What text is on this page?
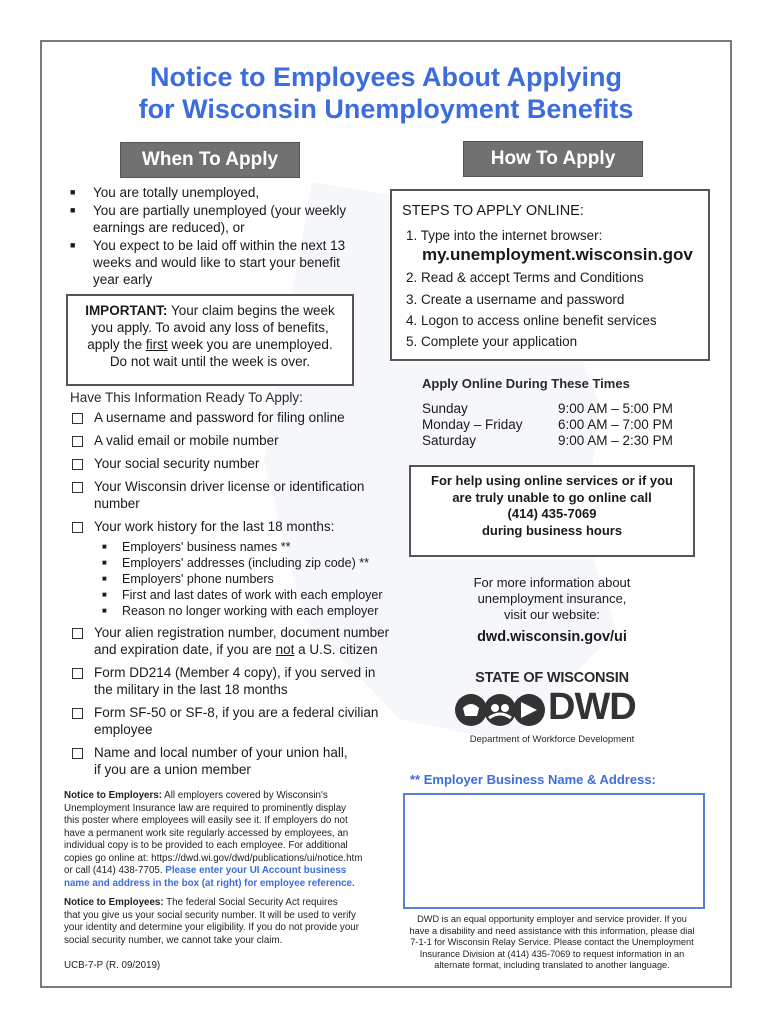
Notice to Employees About Applying
for Wisconsin Unemployment Benefits
When To Apply	How To Apply
■ You are totally unemployed,
■ You are partially unemployed (your weekly
earnings are reduced), or
■ You expect to be laid off within the next 13
weeks and would like to start your benefit
year early
IMPORTANT: Your claim begins the week
you apply. To avoid any loss of benefits,
apply the first week you are unemployed.
Do not wait until the week is over.
Have This Information Ready To Apply:
A username and password for filing online
A valid email or mobile number
Your social security number
Your Wisconsin driver license or identification
number
Your work history for the last 18 months:
■ Employers' business names **
■ Employers' addresses (including zip code) **
■ Employers' phone numbers
■ First and last dates of work with each employer
■ Reason no longer working with each employer
Your alien registration number, document number
and expiration date, if you are not a U.S. citizen
Form DD214 (Member 4 copy), if you served in
the military in the last 18 months
Form SF-50 or SF-8, if you are a federal civilian
employee
Name and local number of your union hall,
if you are a union member
STEPS TO APPLY ONLINE:
1. Type into the internet browser:
my.unemployment.wisconsin.gov
2. Read & accept Terms and Conditions
3. Create a username and password
4. Logon to access online benefit services
5. Complete your application
Apply Online During These Times
Sunday	9:00 AM – 5:00 PM
Monday – Friday	6:00 AM – 7:00 PM
Saturday	9:00 AM – 2:30 PM
For help using online services or if you
are truly unable to go online call
(414) 435-7069
during business hours
For more information about
unemployment insurance,
visit our website:
dwd.wisconsin.gov/ui
STATE OF WISCONSIN
DWD
Department of Workforce Development
** Employer Business Name & Address:
Notice to Employers: All employers covered by Wisconsin's
Unemployment Insurance law are required to prominently display
this poster where employees will easily see it. If employers do not
have a permanent work site regularly accessed by employees, an
individual copy is to be provided to each employee. For additional
copies go online at: https://dwd.wi.gov/dwd/publications/ui/notice.htm
or call (414) 438-7705. Please enter your UI Account business
name and address in the box (at right) for employee reference.
Notice to Employees: The federal Social Security Act requires
that you give us your social security number. It will be used to verify
your identity and determine your eligibility. If you do not provide your
social security number, we cannot take your claim.
UCB-7-P (R. 09/2019)
DWD is an equal opportunity employer and service provider. If you
have a disability and need assistance with this information, please dial
7-1-1 for Wisconsin Relay Service. Please contact the Unemployment
Insurance Division at (414) 435-7069 to request information in an
alternate format, including translated to another language.
